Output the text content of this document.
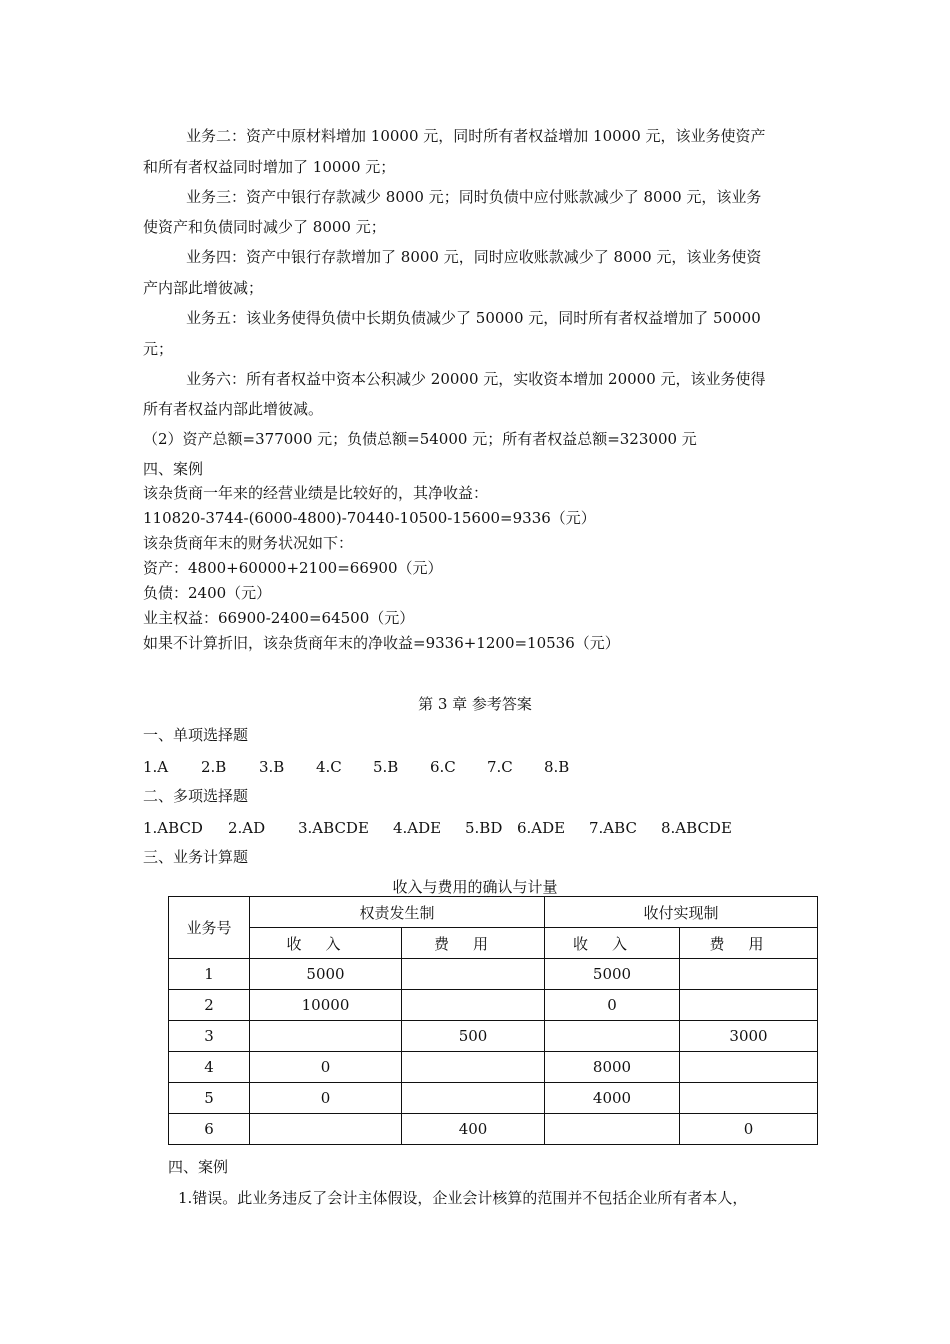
业务二：资产中原材料增加 10000 元，同时所有者权益增加 10000 元，该业务使资产
和所有者权益同时增加了 10000 元；
业务三：资产中银行存款减少 8000 元；同时负债中应付账款减少了 8000 元，该业务
使资产和负债同时减少了 8000 元；
业务四：资产中银行存款增加了 8000 元，同时应收账款减少了 8000 元，该业务使资
产内部此增彼减；
业务五：该业务使得负债中长期负债减少了 50000 元，同时所有者权益增加了 50000
元；
业务六：所有者权益中资本公积减少 20000 元，实收资本增加 20000 元，该业务使得
所有者权益内部此增彼减。
（2）资产总额=377000 元；负债总额=54000 元；所有者权益总额=323000 元
四、案例
该杂货商一年来的经营业绩是比较好的，其净收益：
110820-3744-(6000-4800)-70440-10500-15600=9336（元）
该杂货商年末的财务状况如下：
资产：4800+60000+2100=66900（元）
负债：2400（元）
业主权益：66900-2400=64500（元）
如果不计算折旧，该杂货商年末的净收益=9336+1200=10536（元）
第 3 章 参考答案
一、单项选择题
1.A 2.B 3.B 4.C 5.B 6.C 7.C 8.B
二、多项选择题
1.ABCD 2.AD 3.ABCDE 4.ADE 5.BD 6.ADE 7.ABC 8.ABCDE
三、业务计算题
收入与费用的确认与计量
业务号	权责发生制		收付实现制	
	收入	费用	收入	费用
1	5000		5000	
2	10000		0	
3		500		3000
4	0		8000	
5	0		4000	
6		400		0
四、案例
1.错误。此业务违反了会计主体假设，企业会计核算的范围并不包括企业所有者本人，
